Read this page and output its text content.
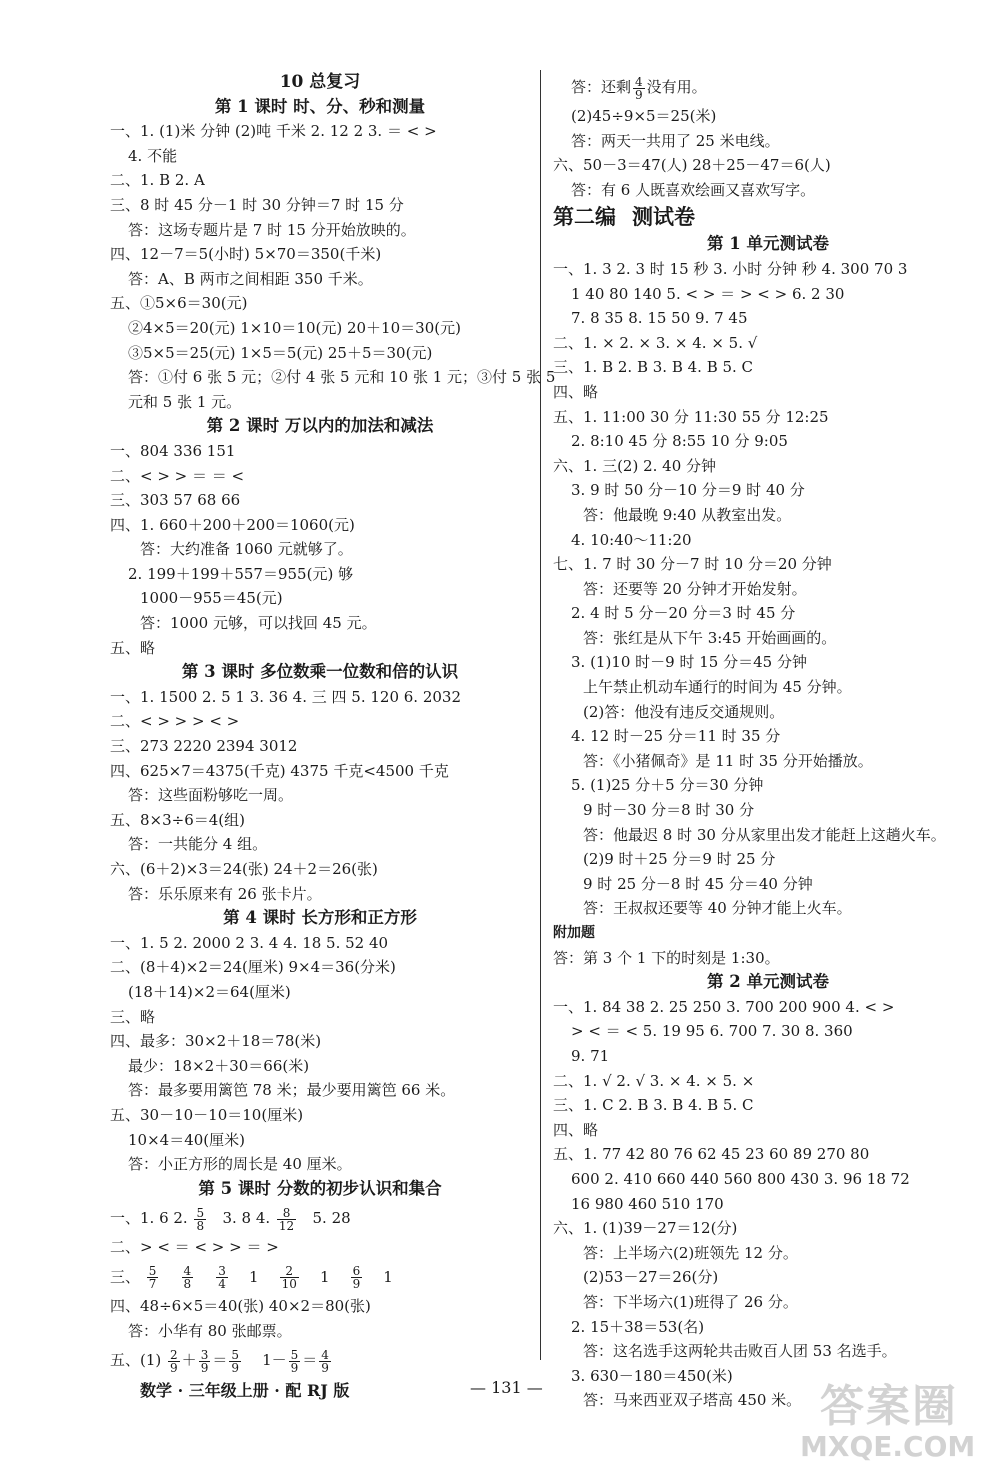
10 总复习
第 1 课时 时、分、秒和测量
一、1. (1)米 分钟 (2)吨 千米 2. 12 2 3. ＝ < >
4. 不能
二、1. B 2. A
三、8 时 45 分－1 时 30 分钟＝7 时 15 分
答：这场专题片是 7 时 15 分开始放映的。
四、12－7＝5(小时) 5×70＝350(千米)
答：A、B 两市之间相距 350 千米。
五、①5×6＝30(元)
②4×5＝20(元) 1×10＝10(元) 20＋10＝30(元)
③5×5＝25(元) 1×5＝5(元) 25＋5＝30(元)
答：①付 6 张 5 元；②付 4 张 5 元和 10 张 1 元；③付 5 张 5
元和 5 张 1 元。
第 2 课时 万以内的加法和减法
一、804 336 151
二、< > > ＝ ＝ <
三、303 57 68 66
四、1. 660＋200＋200＝1060(元)
答：大约准备 1060 元就够了。
2. 199＋199＋557＝955(元) 够
1000－955＝45(元)
答：1000 元够，可以找回 45 元。
五、略
第 3 课时 多位数乘一位数和倍的认识
一、1. 1500 2. 5 1 3. 36 4. 三 四 5. 120 6. 2032
二、< > > > < >
三、273 2220 2394 3012
四、625×7＝4375(千克) 4375 千克<4500 千克
答：这些面粉够吃一周。
五、8×3÷6＝4(组)
答：一共能分 4 组。
六、(6＋2)×3＝24(张) 24＋2＝26(张)
答：乐乐原来有 26 张卡片。
第 4 课时 长方形和正方形
一、1. 5 2. 2000 2 3. 4 4. 18 5. 52 40
二、(8＋4)×2＝24(厘米) 9×4＝36(分米)
(18＋14)×2＝64(厘米)
三、略
四、最多：30×2＋18＝78(米)
最少：18×2＋30＝66(米)
答：最多要用篱笆 78 米；最少要用篱笆 66 米。
五、30－10－10＝10(厘米)
10×4＝40(厘米)
答：小正方形的周长是 40 厘米。
第 5 课时 分数的初步认识和集合
一、1. 6 2. $\frac{5}{8} 3$. 8 4. $\frac{8}{12} 5$. 28
二、> < ＝ < > > ＝ >
三、 $\frac{5}{7}$
$\frac{4}{8}$
$\frac{3}{4} 1 \frac{2}{10} 1 \frac{6}{9} 1$
四、48÷6×5＝40(张) 40×2＝80(张)
答：小华有 80 张邮票。
五、$(1) \frac{2}{9} + \frac{3}{9} = \frac{5}{9} 1- \frac{5}{9} = \frac{4}{9}$
答：还剩 $\frac{4}{9}$ 没有用。
(2)45÷9×5＝25(米)
答：两天一共用了 25 米电线。
六、50－3＝47(人) 28＋25－47＝6(人)
答：有 6 人既喜欢绘画又喜欢写字。
第二编 测试卷
第 1 单元测试卷
一、1. 3 2. 3 时 15 秒 3. 小时 分钟 秒 4. 300 70 3
1 40 80 140 5. < > ＝ > < > 6. 2 30
7. 8 35 8. 15 50 9. 7 45
二、1. × 2. × 3. × 4. × 5. √
三、1. B 2. B 3. B 4. B 5. C
四、略
五、1. 11:00 30 分 11:30 55 分 12:25
2. 8:10 45 分 8:55 10 分 9:05
六、1. 三(2) 2. 40 分钟
3. 9 时 50 分－10 分＝9 时 40 分
答：他最晚 9:40 从教室出发。
4. 10:40～11:20
七、1. 7 时 30 分－7 时 10 分＝20 分钟
答：还要等 20 分钟才开始发射。
2. 4 时 5 分－20 分＝3 时 45 分
答：张红是从下午 3:45 开始画画的。
3. (1)10 时－9 时 15 分＝45 分钟
上午禁止机动车通行的时间为 45 分钟。
(2)答：他没有违反交通规则。
4. 12 时－25 分＝11 时 35 分
答：《小猪佩奇》是 11 时 35 分开始播放。
5. (1)25 分＋5 分＝30 分钟
9 时－30 分＝8 时 30 分
答：他最迟 8 时 30 分从家里出发才能赶上这趟火车。
(2)9 时＋25 分＝9 时 25 分
9 时 25 分－8 时 45 分＝40 分钟
答：王叔叔还要等 40 分钟才能上火车。
附加题
答：第 3 个 1 下的时刻是 1:30。
第 2 单元测试卷
一、1. 84 38 2. 25 250 3. 700 200 900 4. < >
> < ＝ < 5. 19 95 6. 700 7. 30 8. 360
9. 71
二、1. √ 2. √ 3. × 4. × 5. ×
三、1. C 2. B 3. B 4. B 5. C
四、略
五、1. 77 42 80 76 62 45 23 60 89 270 80
600 2. 410 660 440 560 800 430 3. 96 18 72
16 980 460 510 170
六、1. (1)39－27＝12(分)
答：上半场六(2)班领先 12 分。
(2)53－27＝26(分)
答：下半场六(1)班得了 26 分。
2. 15＋38＝53(名)
答：这名选手这两轮共击败百人团 53 名选手。
3. 630－180＝450(米)
答：马来西亚双子塔高 450 米。
数学 · 三年级上册 · 配 RJ 版	— 131 —	答案圈
MXQE.COM
